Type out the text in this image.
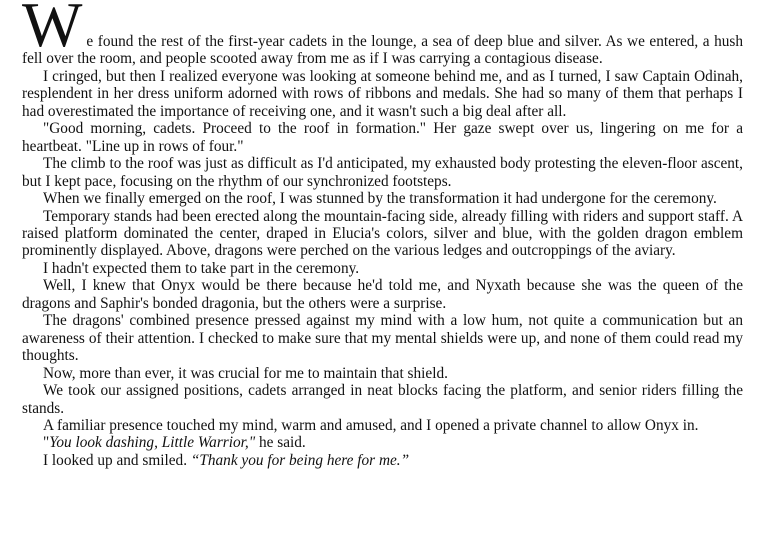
We found the rest of the first-year cadets in the lounge, a sea of deep blue and silver. As we entered, a hush fell over the room, and people scooted away from me as if I was carrying a contagious disease.

I cringed, but then I realized everyone was looking at someone behind me, and as I turned, I saw Captain Odinah, resplendent in her dress uniform adorned with rows of ribbons and medals. She had so many of them that perhaps I had overestimated the importance of receiving one, and it wasn't such a big deal after all.

"Good morning, cadets. Proceed to the roof in formation." Her gaze swept over us, lingering on me for a heartbeat. "Line up in rows of four."

The climb to the roof was just as difficult as I'd anticipated, my exhausted body protesting the eleven-floor ascent, but I kept pace, focusing on the rhythm of our synchronized footsteps.

When we finally emerged on the roof, I was stunned by the transformation it had undergone for the ceremony.

Temporary stands had been erected along the mountain-facing side, already filling with riders and support staff. A raised platform dominated the center, draped in Elucia's colors, silver and blue, with the golden dragon emblem prominently displayed. Above, dragons were perched on the various ledges and outcroppings of the aviary.

I hadn't expected them to take part in the ceremony.

Well, I knew that Onyx would be there because he'd told me, and Nyxath because she was the queen of the dragons and Saphir's bonded dragonia, but the others were a surprise.

The dragons' combined presence pressed against my mind with a low hum, not quite a communication but an awareness of their attention. I checked to make sure that my mental shields were up, and none of them could read my thoughts.

Now, more than ever, it was crucial for me to maintain that shield.

We took our assigned positions, cadets arranged in neat blocks facing the platform, and senior riders filling the stands.

A familiar presence touched my mind, warm and amused, and I opened a private channel to allow Onyx in.

"You look dashing, Little Warrior," he said.

I looked up and smiled. “Thank you for being here for me.”
